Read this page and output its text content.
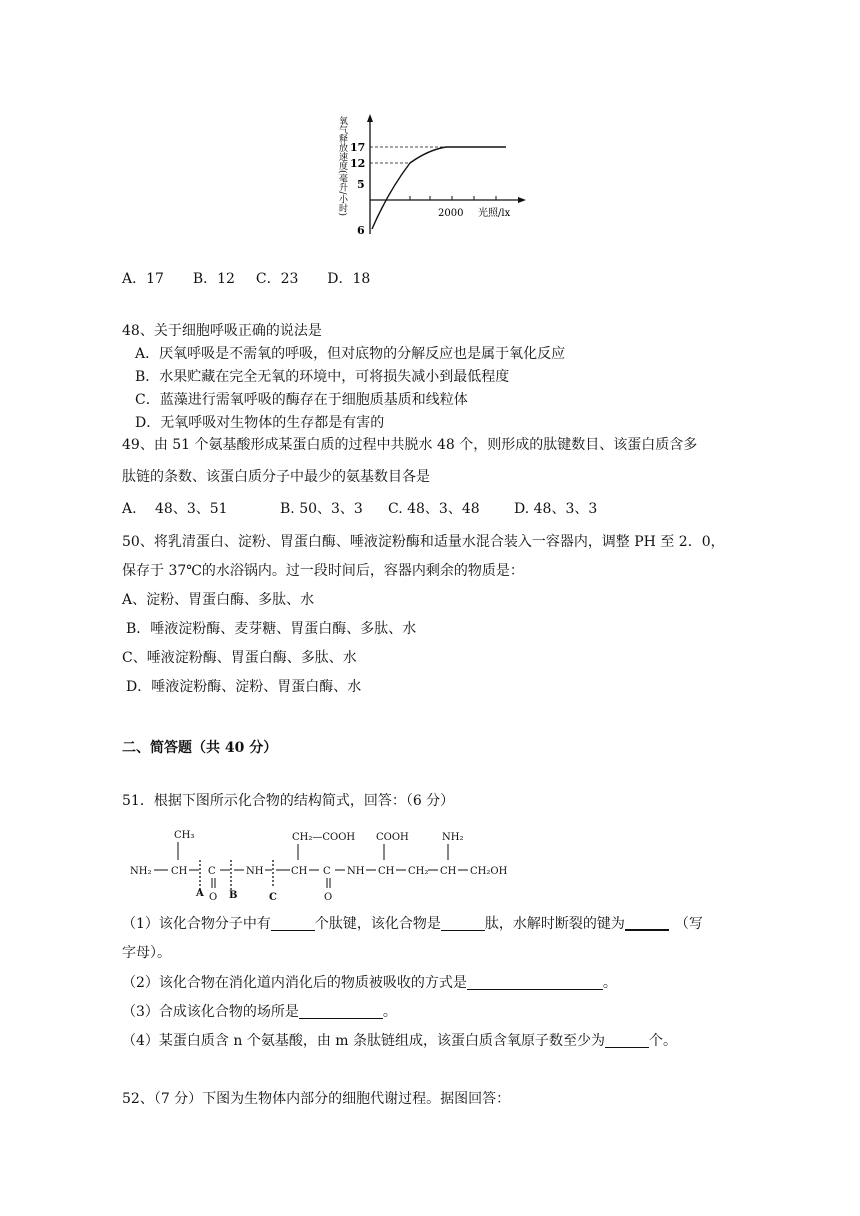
氧气释放速度(毫升/小时) 17
12
5
6
2000 光照/lx
A．17 B．12 C．23 D．18
48、关于细胞呼吸正确的说法是
A．厌氧呼吸是不需氧的呼吸，但对底物的分解反应也是属于氧化反应
B．水果贮藏在完全无氧的环境中，可将损失减小到最低程度
C．蓝藻进行需氧呼吸的酶存在于细胞质基质和线粒体
D．无氧呼吸对生物体的生存都是有害的
49、由 51 个氨基酸形成某蛋白质的过程中共脱水 48 个，则形成的肽键数目、该蛋白质含多
肽链的条数、该蛋白质分子中最少的氨基数目各是
A.　 48、3、51	B. 50、3、3 C. 48、3、48 D. 48、3、3
50、将乳清蛋白、淀粉、胃蛋白酶、唾液淀粉酶和适量水混合装入一容器内，调整 PH 至 2．0，
保存于 37℃的水浴锅内。过一段时间后，容器内剩余的物质是：
A、淀粉、胃蛋白酶、多肽、水
B．唾液淀粉酶、麦芽糖、胃蛋白酶、多肽、水
C、唾液淀粉酶、胃蛋白酶、多肽、水
D．唾液淀粉酶、淀粉、胃蛋白酶、水
二、简答题（共 40 分）
51．根据下图所示化合物的结构简式，回答：（6 分）
CH₃
NH₂ CH C
O
A	B
NH
C
CH₂—COOH
CH C
O
NH
COOH
CH CH₂
NH₂
CH CH₂OH
（1）该化合物分子中有	个肽键，该化合物是	肽，水解时断裂的键为	（写
字母）。
（2）该化合物在消化道内消化后的物质被吸收的方式是	。
（3）合成该化合物的场所是	。
（4）某蛋白质含 n 个氨基酸，由 m 条肽链组成，该蛋白质含氧原子数至少为	个。
52、（7 分）下图为生物体内部分的细胞代谢过程。据图回答：
